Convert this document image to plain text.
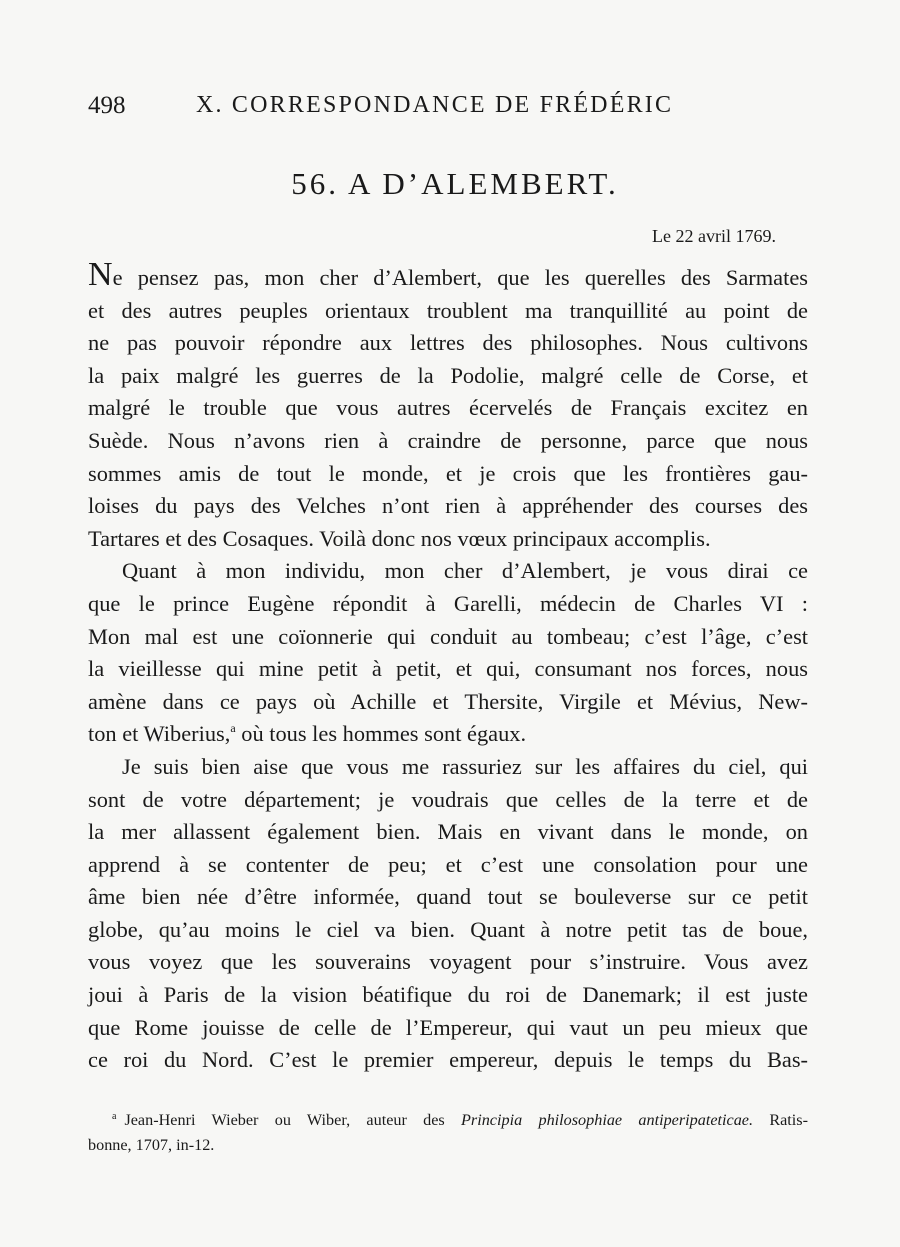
498	X. CORRESPONDANCE DE FRÉDÉRIC
56. A D’ALEMBERT.
Le 22 avril 1769.
Ne pensez pas, mon cher d’Alembert, que les querelles des Sarmates
et des autres peuples orientaux troublent ma tranquillité au point de
ne pas pouvoir répondre aux lettres des philosophes. Nous cultivons
la paix malgré les guerres de la Podolie, malgré celle de Corse, et
malgré le trouble que vous autres écervelés de Français excitez en
Suède. Nous n’avons rien à craindre de personne, parce que nous
sommes amis de tout le monde, et je crois que les frontières gau-
loises du pays des Velches n’ont rien à appréhender des courses des
Tartares et des Cosaques. Voilà donc nos vœux principaux accomplis.
Quant à mon individu, mon cher d’Alembert, je vous dirai ce
que le prince Eugène répondit à Garelli, médecin de Charles VI :
Mon mal est une coïonnerie qui conduit au tombeau; c’est l’âge, c’est
la vieillesse qui mine petit à petit, et qui, consumant nos forces, nous
amène dans ce pays où Achille et Thersite, Virgile et Mévius, New-
ton et Wiberius,$^a$ où tous les hommes sont égaux.
Je suis bien aise que vous me rassuriez sur les affaires du ciel, qui
sont de votre département; je voudrais que celles de la terre et de
la mer allassent également bien. Mais en vivant dans le monde, on
apprend à se contenter de peu; et c’est une consolation pour une
âme bien née d’être informée, quand tout se bouleverse sur ce petit
globe, qu’au moins le ciel va bien. Quant à notre petit tas de boue,
vous voyez que les souverains voyagent pour s’instruire. Vous avez
joui à Paris de la vision béatifique du roi de Danemark; il est juste
que Rome jouisse de celle de l’Empereur, qui vaut un peu mieux que
ce roi du Nord. C’est le premier empereur, depuis le temps du Bas-
$^a$ Jean-Henri Wieber ou Wiber, auteur des Principia philosophiae antiperipateticae. Ratis-
bonne, 1707, in-12.
